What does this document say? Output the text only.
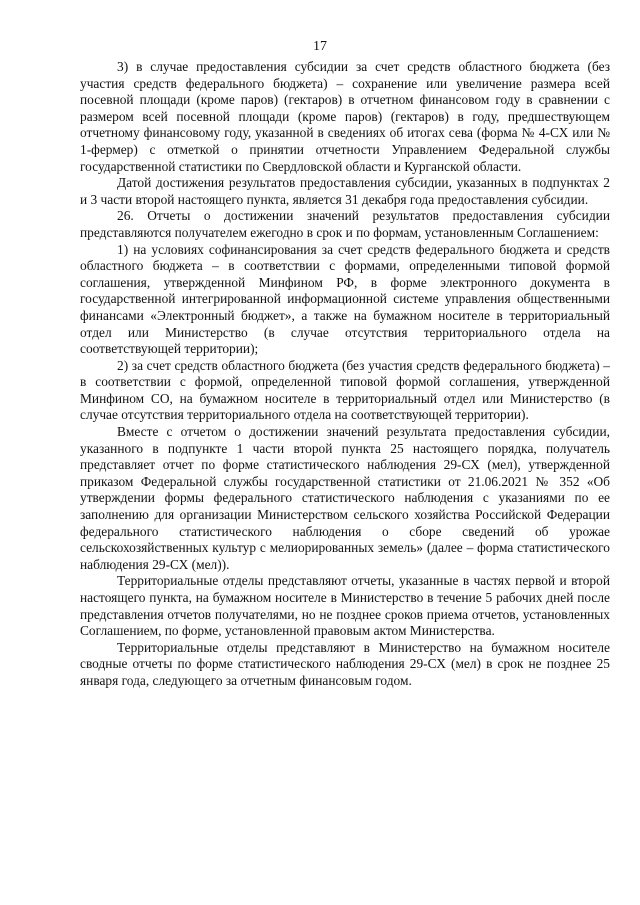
17

3) в случае предоставления субсидии за счет средств областного бюджета (без участия средств федерального бюджета) – сохранение или увеличение размера всей посевной площади (кроме паров) (гектаров) в отчетном финансовом году в сравнении с размером всей посевной площади (кроме паров) (гектаров) в году, предшествующем отчетному финансовому году, указанной в сведениях об итогах сева (форма № 4-СХ или № 1-фермер) с отметкой о принятии отчетности Управлением Федеральной службы государственной статистики по Свердловской области и Курганской области.

Датой достижения результатов предоставления субсидии, указанных в подпунктах 2 и 3 части второй настоящего пункта, является 31 декабря года предоставления субсидии.

26. Отчеты о достижении значений результатов предоставления субсидии представляются получателем ежегодно в срок и по формам, установленным Соглашением:

1) на условиях софинансирования за счет средств федерального бюджета и средств областного бюджета – в соответствии с формами, определенными типовой формой соглашения, утвержденной Минфином РФ, в форме электронного документа в государственной интегрированной информационной системе управления общественными финансами «Электронный бюджет», а также на бумажном носителе в территориальный отдел или Министерство (в случае отсутствия территориального отдела на соответствующей территории);

2) за счет средств областного бюджета (без участия средств федерального бюджета) – в соответствии с формой, определенной типовой формой соглашения, утвержденной Минфином СО, на бумажном носителе в территориальный отдел или Министерство (в случае отсутствия территориального отдела на соответствующей территории).

Вместе с отчетом о достижении значений результата предоставления субсидии, указанного в подпункте 1 части второй пункта 25 настоящего порядка, получатель представляет отчет по форме статистического наблюдения 29-СХ (мел), утвержденной приказом Федеральной службы государственной статистики от 21.06.2021 № 352 «Об утверждении формы федерального статистического наблюдения с указаниями по ее заполнению для организации Министерством сельского хозяйства Российской Федерации федерального статистического наблюдения о сборе сведений об урожае сельскохозяйственных культур с мелиорированных земель» (далее – форма статистического наблюдения 29-СХ (мел)).

Территориальные отделы представляют отчеты, указанные в частях первой и второй настоящего пункта, на бумажном носителе в Министерство в течение 5 рабочих дней после представления отчетов получателями, но не позднее сроков приема отчетов, установленных Соглашением, по форме, установленной правовым актом Министерства.

Территориальные отделы представляют в Министерство на бумажном носителе сводные отчеты по форме статистического наблюдения 29-СХ (мел) в срок не позднее 25 января года, следующего за отчетным финансовым годом.
